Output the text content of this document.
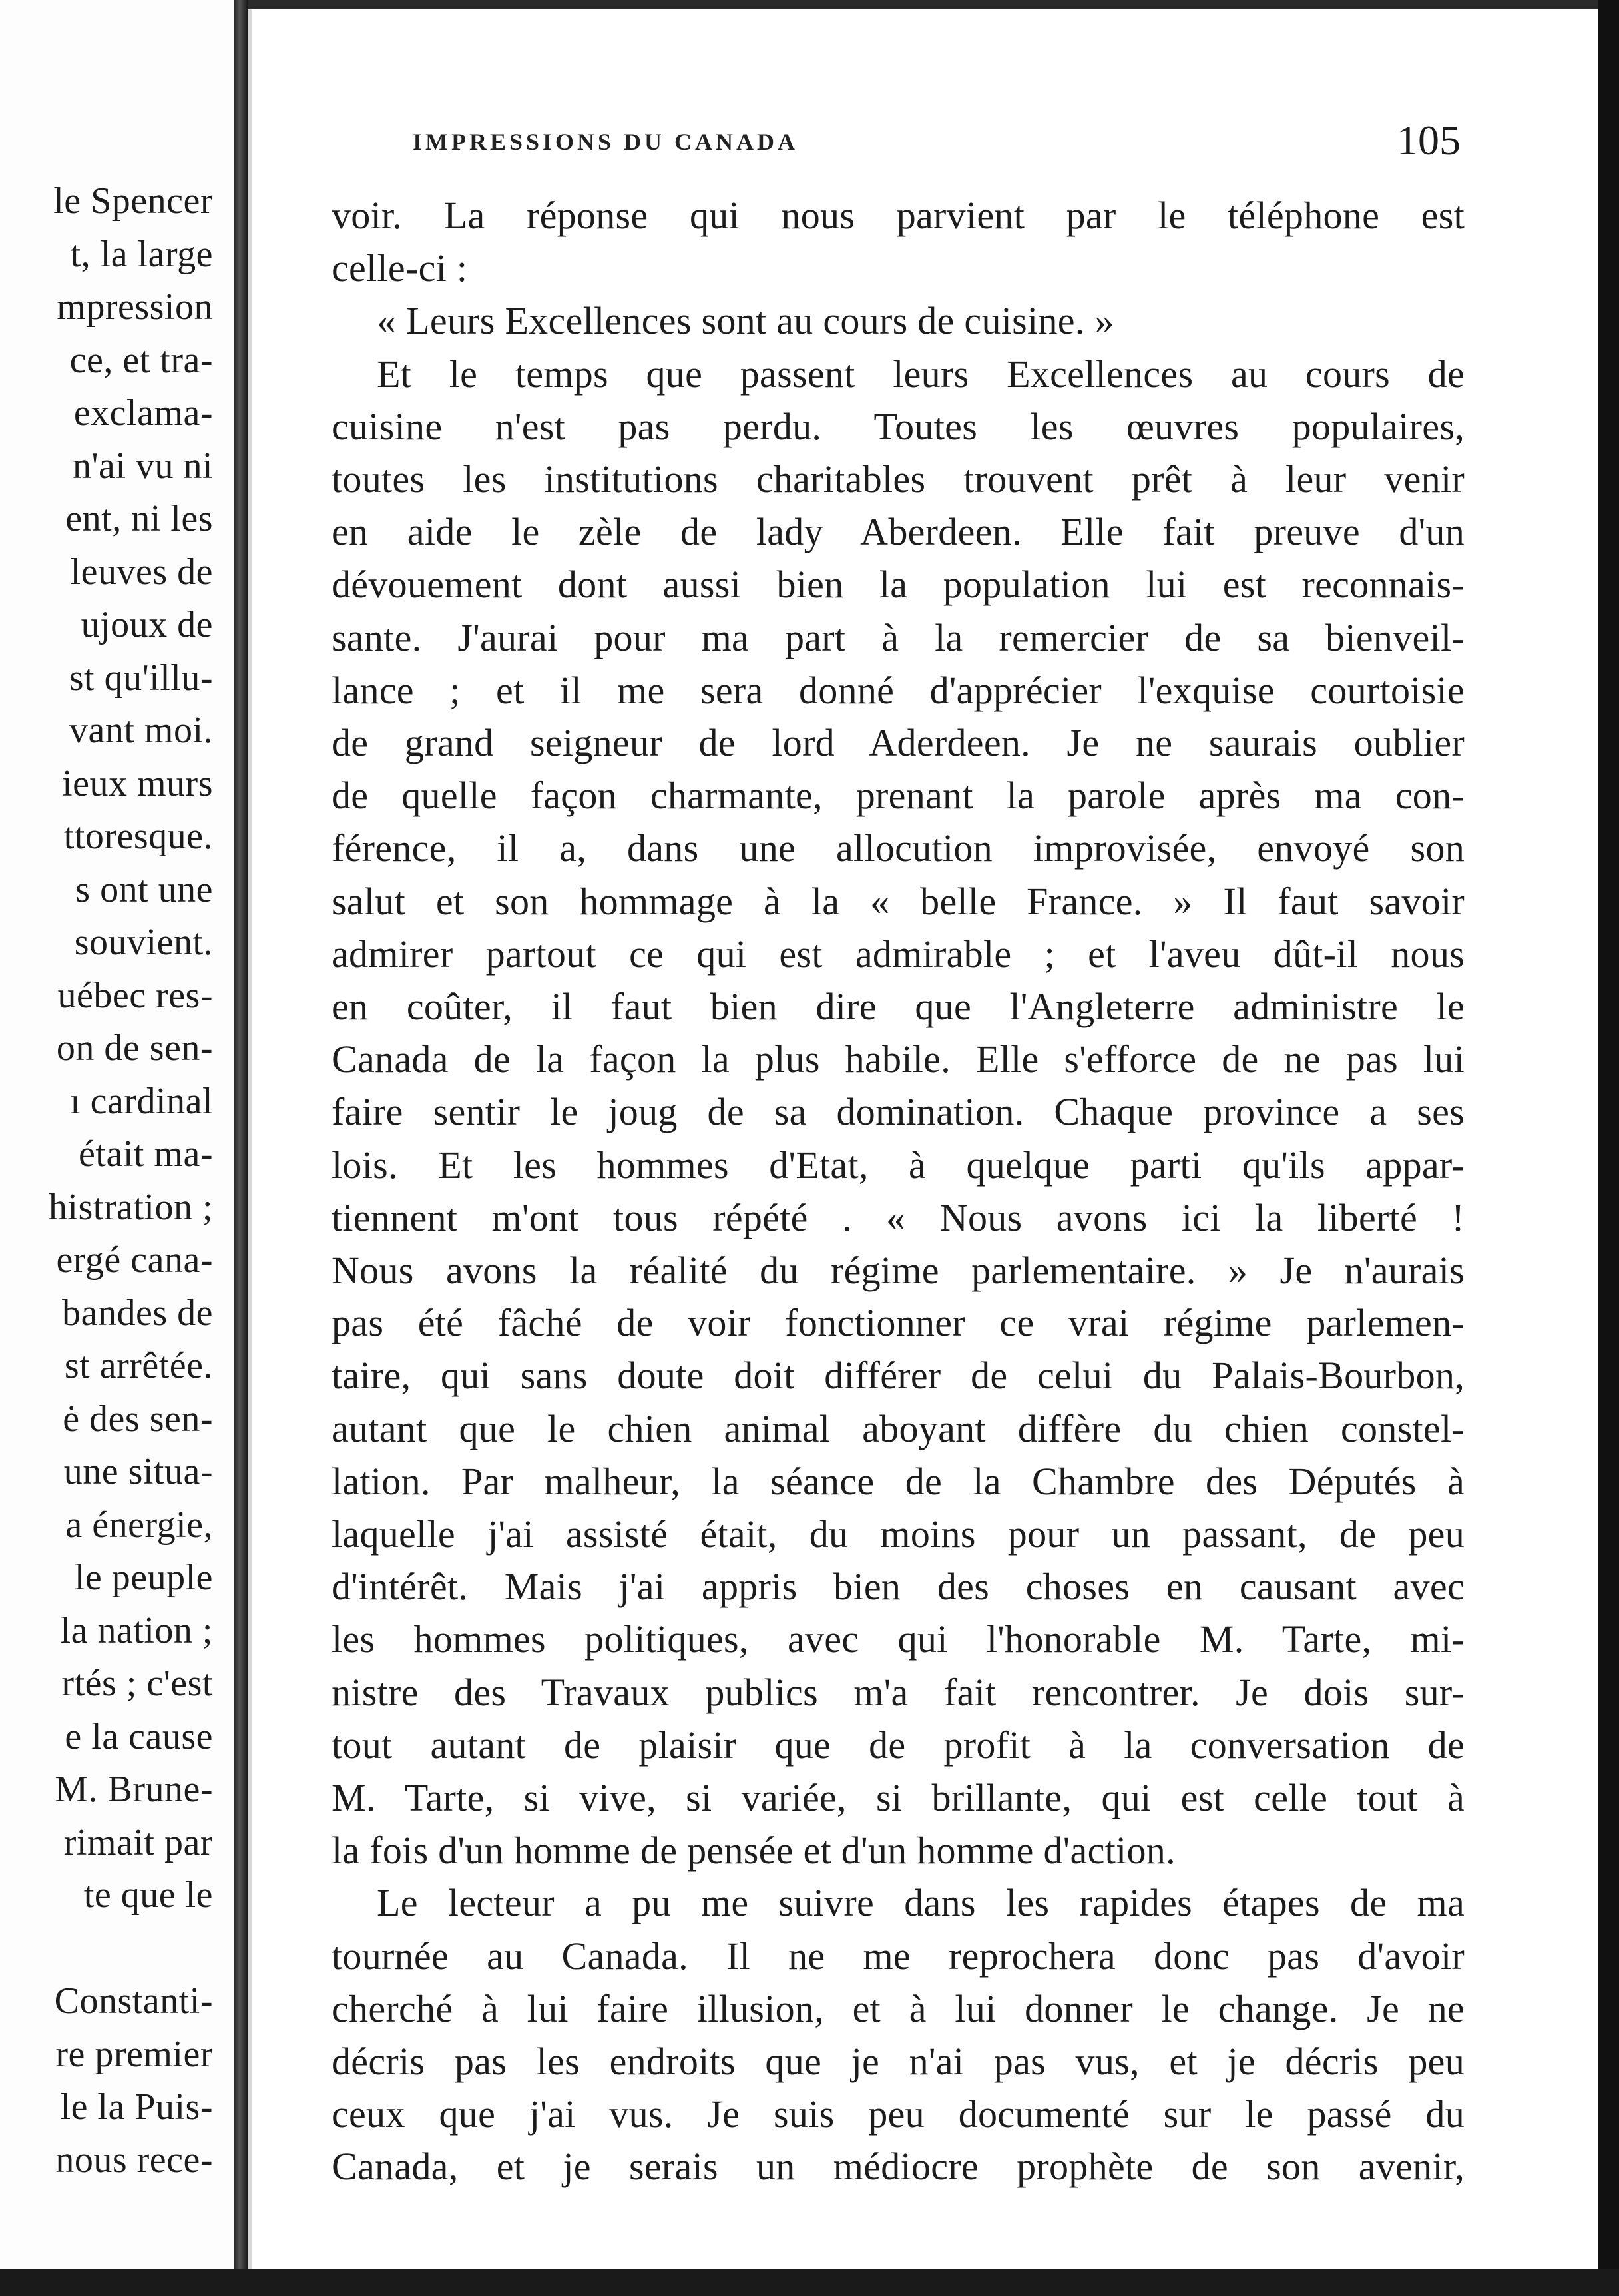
le Spencer
t, la large
mpression
ce, et tra-
exclama-
n'ai vu ni
ent, ni les
leuves de
ujoux de
st qu'illu-
vant moi.
ieux murs
ttoresque.
s ont une
souvient.
uébec res-
on de sen-
ı cardinal
était ma-
histration ;
ergé cana-
bandes de
st arrêtée.
ė des sen-
une situa-
a énergie,
le peuple
la nation ;
rtés ; c'est
e la cause
M. Brune-
rimait par
te que le
Constanti-
re premier
le la Puis-
nous rece-
IMPRESSIONS DU CANADA	105
voir. La réponse qui nous parvient par le téléphone est
celle-ci :
« Leurs Excellences sont au cours de cuisine. »
Et le temps que passent leurs Excellences au cours de
cuisine n'est pas perdu. Toutes les œuvres populaires,
toutes les institutions charitables trouvent prêt à leur venir
en aide le zèle de lady Aberdeen. Elle fait preuve d'un
dévouement dont aussi bien la population lui est reconnais-
sante. J'aurai pour ma part à la remercier de sa bienveil-
lance ; et il me sera donné d'apprécier l'exquise courtoisie
de grand seigneur de lord Aderdeen. Je ne saurais oublier
de quelle façon charmante, prenant la parole après ma con-
férence, il a, dans une allocution improvisée, envoyé son
salut et son hommage à la « belle France. » Il faut savoir
admirer partout ce qui est admirable ; et l'aveu dût-il nous
en coûter, il faut bien dire que l'Angleterre administre le
Canada de la façon la plus habile. Elle s'efforce de ne pas lui
faire sentir le joug de sa domination. Chaque province a ses
lois. Et les hommes d'Etat, à quelque parti qu'ils appar-
tiennent m'ont tous répété . « Nous avons ici la liberté !
Nous avons la réalité du régime parlementaire. » Je n'aurais
pas été fâché de voir fonctionner ce vrai régime parlemen-
taire, qui sans doute doit différer de celui du Palais-Bourbon,
autant que le chien animal aboyant diffère du chien constel-
lation. Par malheur, la séance de la Chambre des Députés à
laquelle j'ai assisté était, du moins pour un passant, de peu
d'intérêt. Mais j'ai appris bien des choses en causant avec
les hommes politiques, avec qui l'honorable M. Tarte, mi-
nistre des Travaux publics m'a fait rencontrer. Je dois sur-
tout autant de plaisir que de profit à la conversation de
M. Tarte, si vive, si variée, si brillante, qui est celle tout à
la fois d'un homme de pensée et d'un homme d'action.
Le lecteur a pu me suivre dans les rapides étapes de ma
tournée au Canada. Il ne me reprochera donc pas d'avoir
cherché à lui faire illusion, et à lui donner le change. Je ne
décris pas les endroits que je n'ai pas vus, et je décris peu
ceux que j'ai vus. Je suis peu documenté sur le passé du
Canada, et je serais un médiocre prophète de son avenir,
